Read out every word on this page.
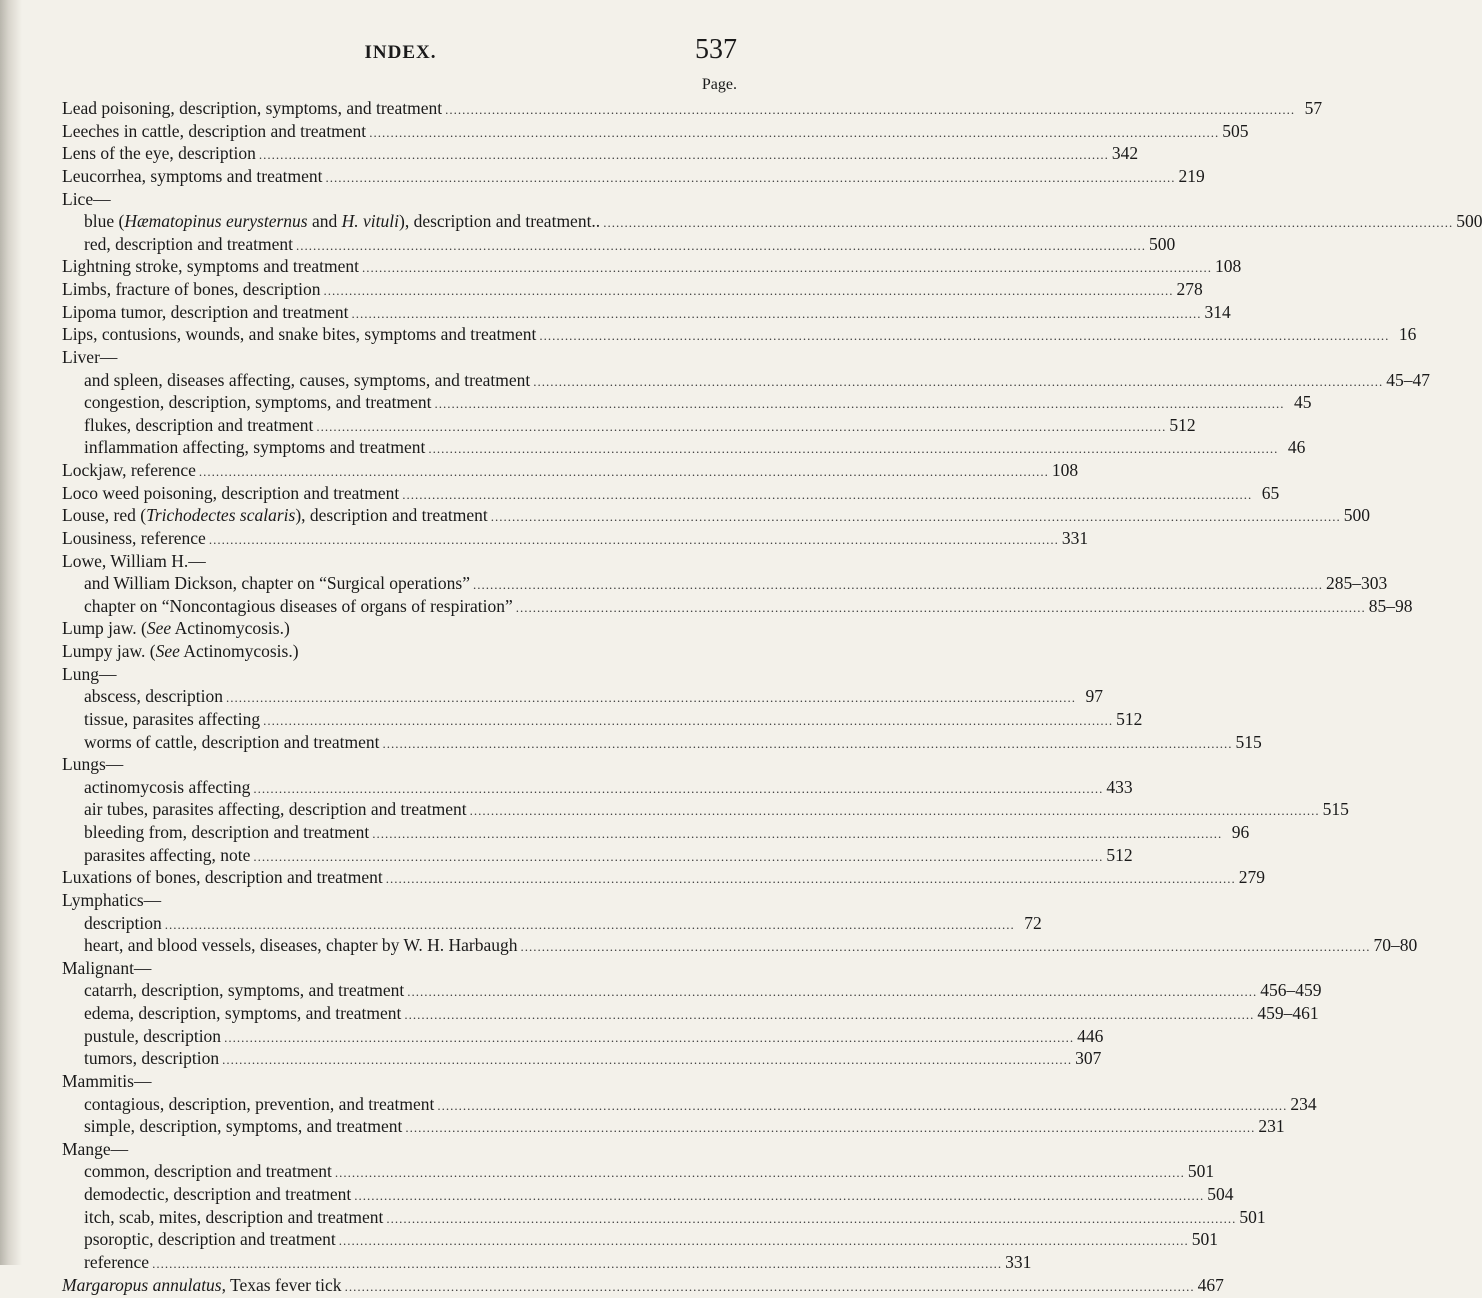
INDEX.	537
Page.
Lead poisoning, description, symptoms, and treatment ........................................................................................................................................................................................................ 57
Leeches in cattle, description and treatment ........................................................................................................................................................................................................ 505
Lens of the eye, description ........................................................................................................................................................................................................ 342
Leucorrhea, symptoms and treatment ........................................................................................................................................................................................................ 219
Lice—
blue (Hæmatopinus eurysternus and H. vituli), description and treatment.. ........................................................................................................................................................................................................ 500
red, description and treatment ........................................................................................................................................................................................................ 500
Lightning stroke, symptoms and treatment ........................................................................................................................................................................................................ 108
Limbs, fracture of bones, description ........................................................................................................................................................................................................ 278
Lipoma tumor, description and treatment ........................................................................................................................................................................................................ 314
Lips, contusions, wounds, and snake bites, symptoms and treatment ........................................................................................................................................................................................................ 16
Liver—
and spleen, diseases affecting, causes, symptoms, and treatment ........................................................................................................................................................................................................ 45–47
congestion, description, symptoms, and treatment ........................................................................................................................................................................................................ 45
flukes, description and treatment ........................................................................................................................................................................................................ 512
inflammation affecting, symptoms and treatment ........................................................................................................................................................................................................ 46
Lockjaw, reference ........................................................................................................................................................................................................ 108
Loco weed poisoning, description and treatment ........................................................................................................................................................................................................ 65
Louse, red (Trichodectes scalaris), description and treatment ........................................................................................................................................................................................................ 500
Lousiness, reference ........................................................................................................................................................................................................ 331
Lowe, William H.—
and William Dickson, chapter on “Surgical operations” ........................................................................................................................................................................................................ 285–303
chapter on “Noncontagious diseases of organs of respiration” ........................................................................................................................................................................................................ 85–98
Lump jaw. (See Actinomycosis.)
Lumpy jaw. (See Actinomycosis.)
Lung—
abscess, description ........................................................................................................................................................................................................ 97
tissue, parasites affecting ........................................................................................................................................................................................................ 512
worms of cattle, description and treatment ........................................................................................................................................................................................................ 515
Lungs—
actinomycosis affecting ........................................................................................................................................................................................................ 433
air tubes, parasites affecting, description and treatment ........................................................................................................................................................................................................ 515
bleeding from, description and treatment ........................................................................................................................................................................................................ 96
parasites affecting, note ........................................................................................................................................................................................................ 512
Luxations of bones, description and treatment ........................................................................................................................................................................................................ 279
Lymphatics—
description ........................................................................................................................................................................................................ 72
heart, and blood vessels, diseases, chapter by W. H. Harbaugh ........................................................................................................................................................................................................ 70–80
Malignant—
catarrh, description, symptoms, and treatment ........................................................................................................................................................................................................ 456–459
edema, description, symptoms, and treatment ........................................................................................................................................................................................................ 459–461
pustule, description ........................................................................................................................................................................................................ 446
tumors, description ........................................................................................................................................................................................................ 307
Mammitis—
contagious, description, prevention, and treatment ........................................................................................................................................................................................................ 234
simple, description, symptoms, and treatment ........................................................................................................................................................................................................ 231
Mange—
common, description and treatment ........................................................................................................................................................................................................ 501
demodectic, description and treatment ........................................................................................................................................................................................................ 504
itch, scab, mites, description and treatment ........................................................................................................................................................................................................ 501
psoroptic, description and treatment ........................................................................................................................................................................................................ 501
reference ........................................................................................................................................................................................................ 331
Margaropus annulatus, Texas fever tick ........................................................................................................................................................................................................ 467
